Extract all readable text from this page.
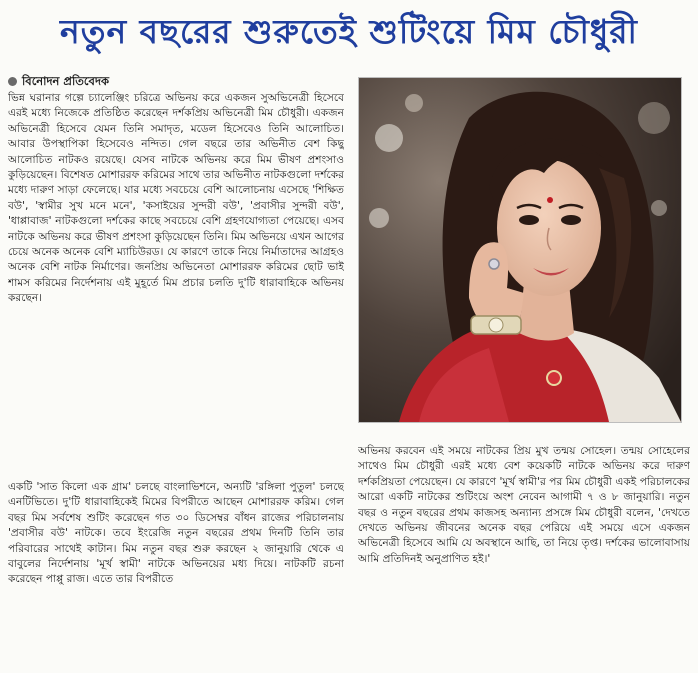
নতুন বছরের শুরুতেই শুটিংয়ে মিম চৌধুরী
বিনোদন প্রতিবেদক

ভিন্ন ঘরানার গল্পে চ্যালেঞ্জিং চরিত্রে অভিনয় করে একজন সুঅভিনেত্রী হিসেবে এরই মধ্যে নিজেকে প্রতিষ্ঠিত করেছেন দর্শকপ্রিয় অভিনেত্রী মিম চৌধুরী। একজন অভিনেত্রী হিসেবে যেমন তিনি সমাদৃত, মডেল হিসেবেও তিনি আলোচিত। আবার উপস্থাপিকা হিসেবেও নন্দিত। গেল বছরে তার অভিনীত বেশ কিছু আলোচিত নাটকও রয়েছে। যেসব নাটকে অভিনয় করে মিম ভীষণ প্রশংসাও কুড়িয়েছেন। বিশেষত মোশাররফ করিমের সাথে তার অভিনীত নাটকগুলো দর্শকের মধ্যে দারুণ সাড়া ফেলেছে। যার মধ্যে সবচেয়ে বেশি আলোচনায় এসেছে 'শিক্ষিত বউ', 'স্বামীর সুখ মনে মনে', 'কসাইয়ের সুন্দরী বউ', 'প্রবাসীর সুন্দরী বউ', 'ধাপ্পাবাজ' নাটকগুলো দর্শকের কাছে সবচেয়ে বেশি গ্রহণযোগ্যতা পেয়েছে। এসব নাটকে অভিনয় করে ভীষণ প্রশংসা কুড়িয়েছেন তিনি। মিম অভিনয়ে এখন আগের চেয়ে অনেক অনেক বেশি ম্যাচিউরড। যে কারণে তাকে নিয়ে নির্মাতাদের আগ্রহও অনেক বেশি নাটক নির্মাণের। জনপ্রিয় অভিনেতা মোশাররফ করিমের ছোট ভাই শামস করিমের নির্দেশনায় এই মুহূর্তে মিম প্রচার চলতি দু'টি ধারাবাহিকে অভিনয় করছেন।

একটি 'সাত কিলো এক গ্রাম' চলছে বাংলাভিশনে, অন্যটি 'রঙ্গিলা পুতুল' চলছে এনটিভিতে। দু'টি ধারাবাহিকেই মিমের বিপরীতে আছেন মোশাররফ করিম। গেল বছর মিম সর্বশেষ শুটিং করেছেন গত ৩০ ডিসেম্বর বাঁধন রাজের পরিচালনায় 'প্রবাসীর বউ' নাটকে। তবে ইংরেজি নতুন বছরের প্রথম দিনটি তিনি তার পরিবারের সাথেই কাটান। মিম নতুন বছর শুরু করছেন ২ জানুয়ারি থেকে এ বাবুলের নির্দেশনায় 'মূর্খ স্বামী' নাটকে অভিনয়ের মধ্য দিয়ে। নাটকটি রচনা করেছেন পাপ্পু রাজ। এতে তার বিপরীতে

অভিনয় করবেন এই সময়ে নাটকের প্রিয় মুখ তন্ময় সোহেল। তন্ময় সোহেলের সাথেও মিম চৌধুরী এরই মধ্যে বেশ কয়েকটি নাটকে অভিনয় করে দারুণ দর্শকপ্রিয়তা পেয়েছেন। যে কারণে 'মূর্খ স্বামী'র পর মিম চৌধুরী একই পরিচালকের আরো একটি নাটকের শুটিংয়ে অংশ নেবেন আগামী ৭ ও ৮ জানুয়ারি। নতুন বছর ও নতুন বছরের প্রথম কাজসহ অন্যান্য প্রসঙ্গে মিম চৌধুরী বলেন, 'দেখতে দেখতে অভিনয় জীবনের অনেক বছর পেরিয়ে এই সময়ে এসে একজন অভিনেত্রী হিসেবে আমি যে অবস্থানে আছি, তা নিয়ে তৃপ্ত। দর্শকের ভালোবাসায় আমি প্রতিদিনই অনুপ্রাণিত হই।'
